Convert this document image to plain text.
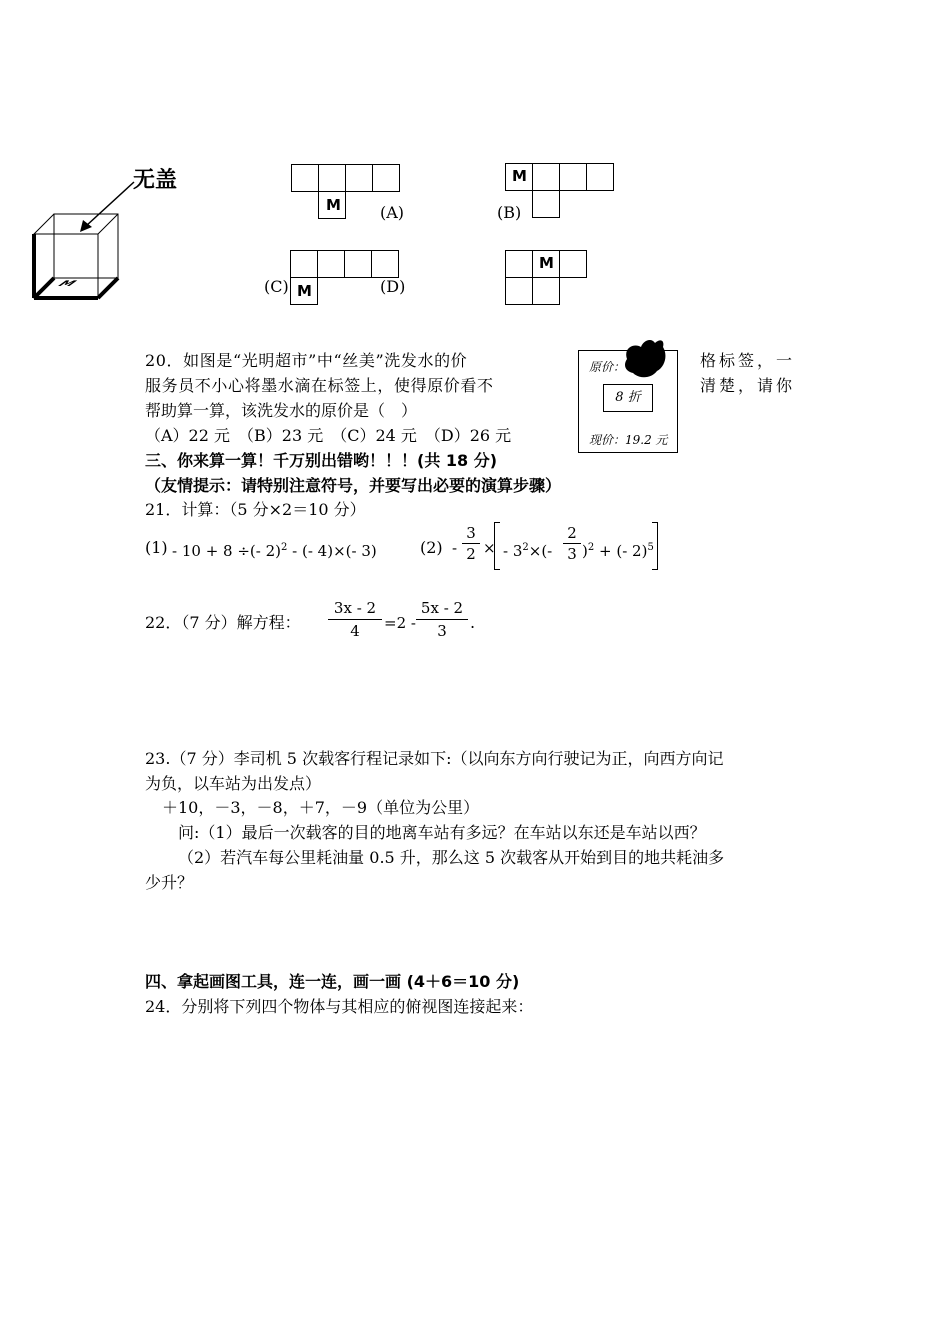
无盖
M
M (A)
M
(B)
M
(C)	(D)
M
20．如图是“光明超市”中“丝美”洗发水的价	格标签，一
服务员不小心将墨水滴在标签上，使得原价看不	清楚，请你
帮助算一算，该洗发水的原价是（　）
（A）22 元　（B）23 元　（C）24 元　（D）26 元
原价：
8 折
现价：19.2 元
三、你来算一算！千万别出错哟！！！(共 18 分)
（友情提示：请特别注意符号，并要写出必要的演算步骤）
21．计算：（5 分×2＝10 分）
(1) - 10 + 8 ÷(- 2)$^2$ - (- 4)×(- 3)	(2) -
3
2 × - $3^2\times(-$
2
3 )$^2$ + (- 2)$^5$
22．（7 分）解方程：
3x - 2
4	=2 -
5x - 2
3	.
23.（7 分）李司机 5 次载客行程记录如下:（以向东方向行驶记为正，向西方向记
为负，以车站为出发点）
＋10，－3，－8，＋7，－9（单位为公里）
问:（1）最后一次载客的目的地离车站有多远？在车站以东还是车站以西？
（2）若汽车每公里耗油量 0.5 升，那么这 5 次载客从开始到目的地共耗油多
少升？
四、拿起画图工具，连一连，画一画 (4＋6＝10 分)
24．分别将下列四个物体与其相应的俯视图连接起来：
